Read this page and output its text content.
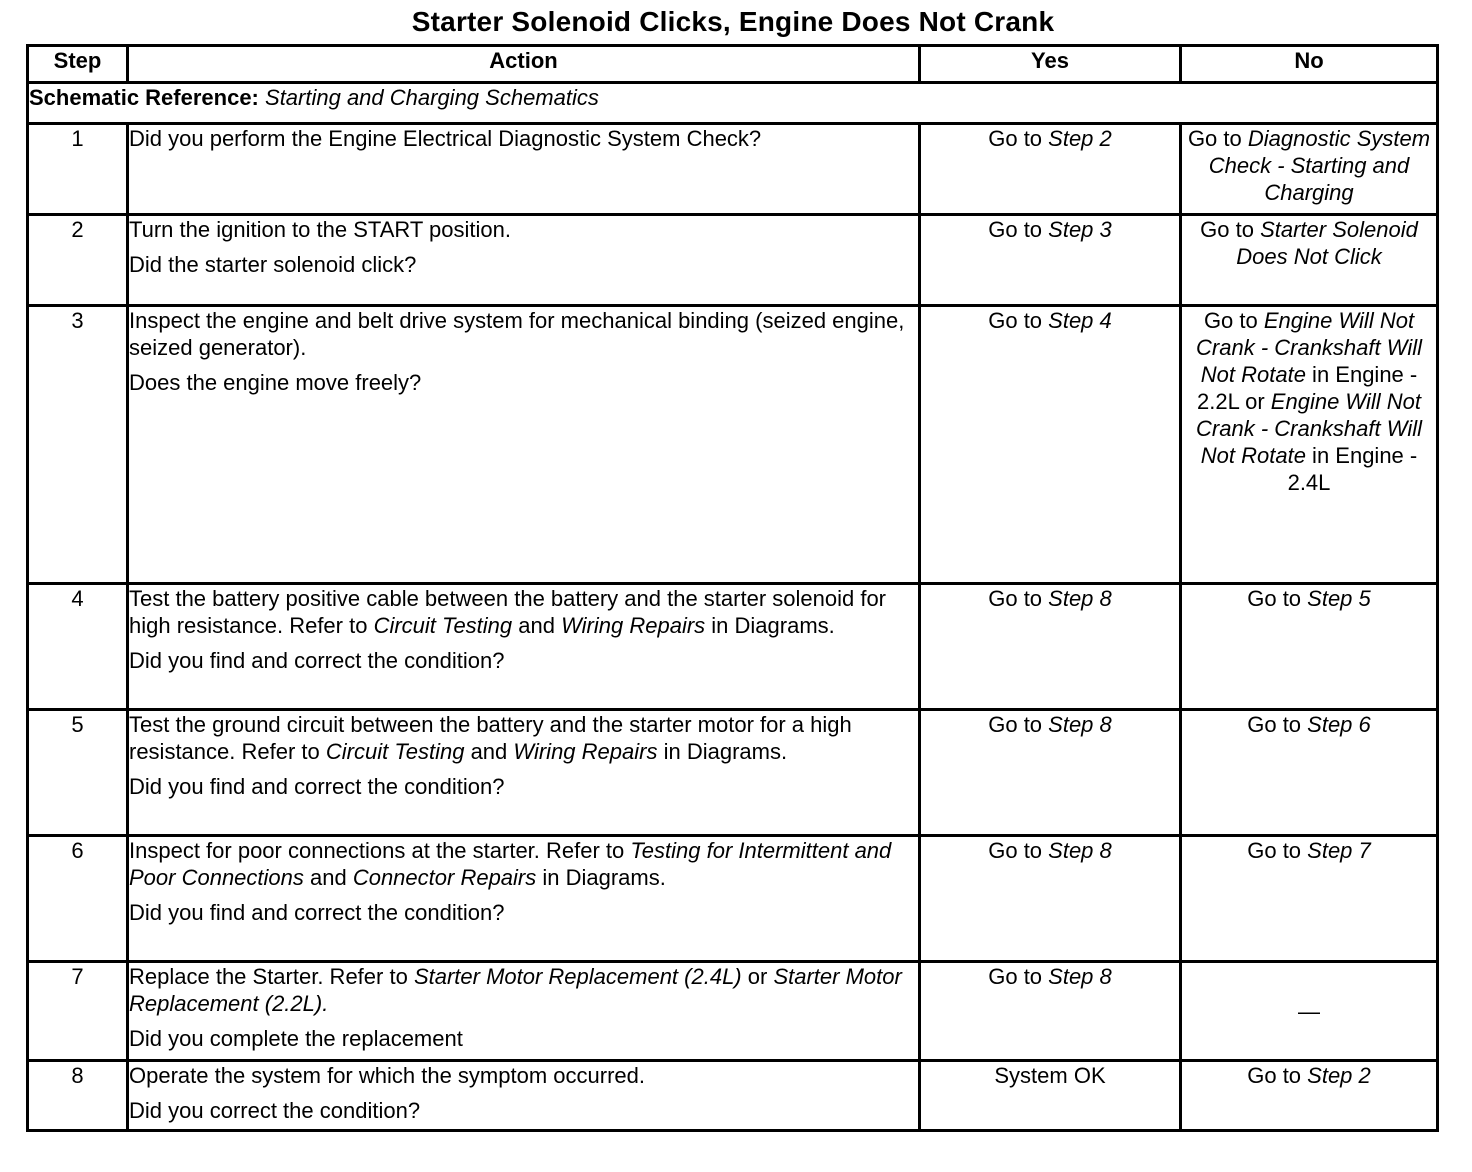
Starter Solenoid Clicks, Engine Does Not Crank
Step	Action	Yes	No
Schematic Reference: Starting and Charging Schematics			
1	Did you perform the Engine Electrical Diagnostic System Check?	Go to Step 2	Go to Diagnostic System Check - Starting and Charging
2	Turn the ignition to the START position.
Did the starter solenoid click?	Go to Step 3	Go to Starter Solenoid Does Not Click
3	Inspect the engine and belt drive system for mechanical binding (seized engine, seized generator).
Does the engine move freely?	Go to Step 4	Go to Engine Will Not Crank - Crankshaft Will Not Rotate in Engine - 2.2L or Engine Will Not Crank - Crankshaft Will Not Rotate in Engine - 2.4L
4	Test the battery positive cable between the battery and the starter solenoid for high resistance. Refer to Circuit Testing and Wiring Repairs in Diagrams.
Did you find and correct the condition?	Go to Step 8	Go to Step 5
5	Test the ground circuit between the battery and the starter motor for a high resistance. Refer to Circuit Testing and Wiring Repairs in Diagrams.
Did you find and correct the condition?	Go to Step 8	Go to Step 6
6	Inspect for poor connections at the starter. Refer to Testing for Intermittent and Poor Connections and Connector Repairs in Diagrams.
Did you find and correct the condition?	Go to Step 8	Go to Step 7
7	Replace the Starter. Refer to Starter Motor Replacement (2.4L) or Starter Motor Replacement (2.2L).
Did you complete the replacement	Go to Step 8	—
8	Operate the system for which the symptom occurred.
Did you correct the condition?	System OK	Go to Step 2
